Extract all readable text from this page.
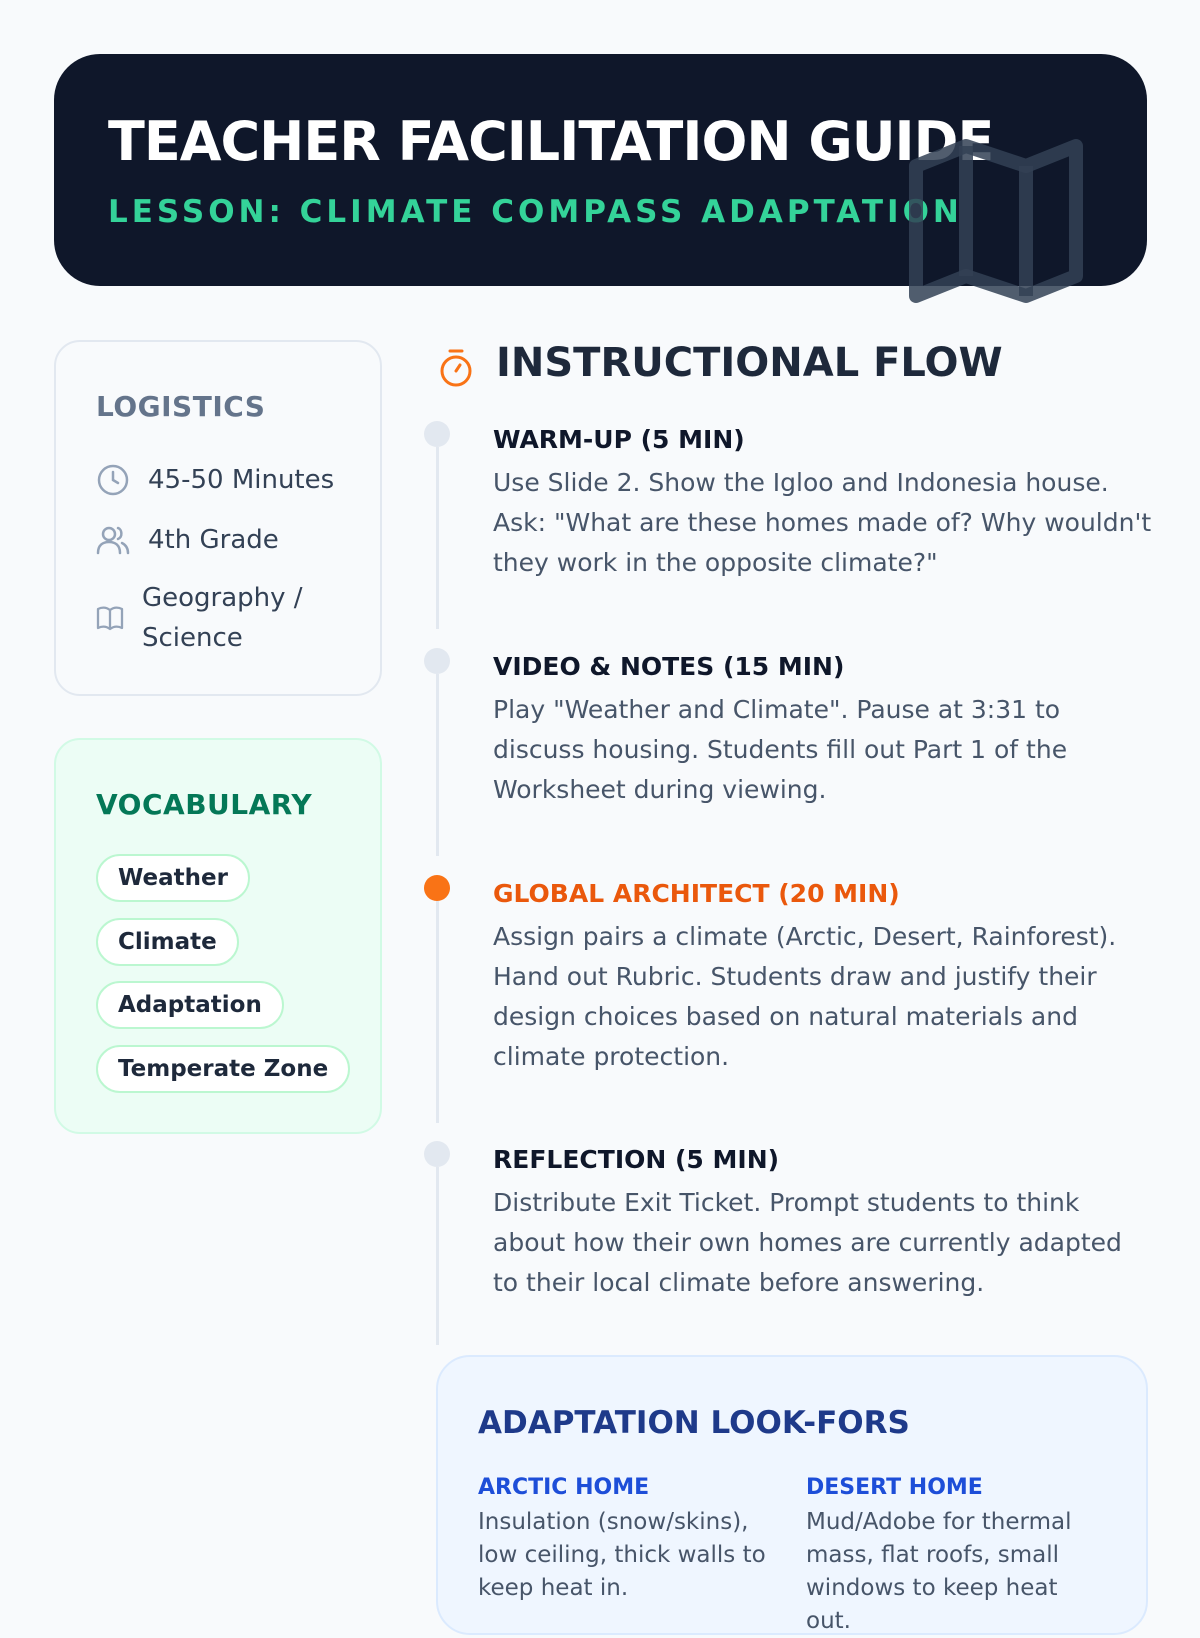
TEACHER FACILITATION GUIDE
LESSON: CLIMATE COMPASS ADAPTATION
LOGISTICS
45-50 Minutes
4th Grade
Geography / Science
VOCABULARY
Weather
Climate
Adaptation
Temperate Zone
INSTRUCTIONAL FLOW
WARM-UP (5 MIN)
Use Slide 2. Show the Igloo and Indonesia house. Ask: "What are these homes made of? Why wouldn't they work in the opposite climate?"
VIDEO & NOTES (15 MIN)
Play "Weather and Climate". Pause at 3:31 to discuss housing. Students fill out Part 1 of the Worksheet during viewing.
GLOBAL ARCHITECT (20 MIN)
Assign pairs a climate (Arctic, Desert, Rainforest). Hand out Rubric. Students draw and justify their design choices based on natural materials and climate protection.
REFLECTION (5 MIN)
Distribute Exit Ticket. Prompt students to think about how their own homes are currently adapted to their local climate before answering.
ADAPTATION LOOK-FORS
ARCTIC HOME
Insulation (snow/skins), low ceiling, thick walls to keep heat in.
DESERT HOME
Mud/Adobe for thermal mass, flat roofs, small windows to keep heat out.
